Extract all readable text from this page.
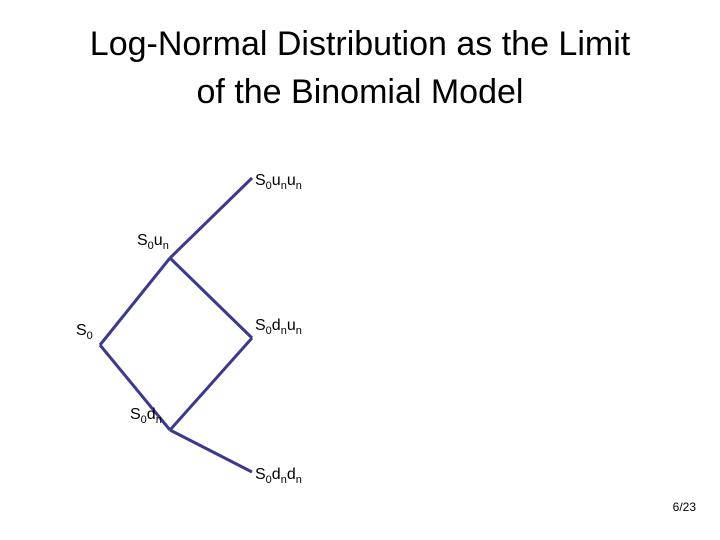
Log-Normal Distribution as the Limit
of the Binomial Model
$S_0u_nu_n$
$S_0u_n$
$S_0$
$S_0d_nu_n$
$S_0d_n$
$S_0d_nd_n$
6/23
